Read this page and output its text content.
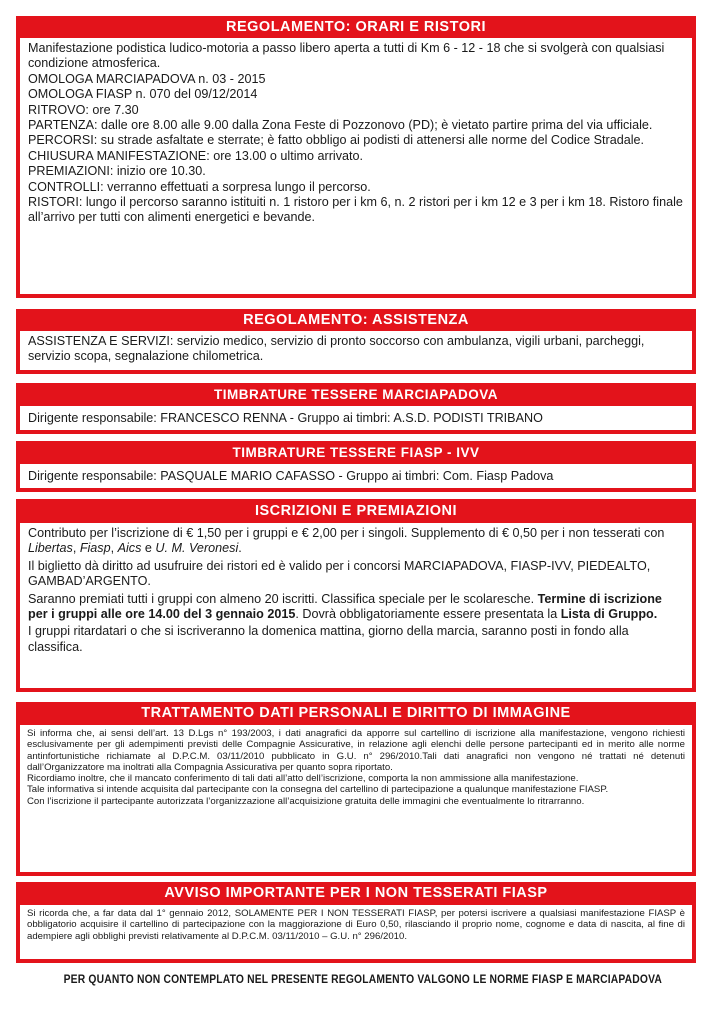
REGOLAMENTO: ORARI E RISTORI

Manifestazione podistica ludico-motoria a passo libero aperta a tutti di Km 6 - 12 - 18 che si svolgerà con qualsiasi condizione atmosferica.

OMOLOGA MARCIAPADOVA n. 03 - 2015

OMOLOGA FIASP n. 070 del 09/12/2014

RITROVO: ore 7.30

PARTENZA: dalle ore 8.00 alle 9.00 dalla Zona Feste di Pozzonovo (PD); è vietato partire prima del via ufficiale.

PERCORSI: su strade asfaltate e sterrate; è fatto obbligo ai podisti di attenersi alle norme del Codice Stradale.

CHIUSURA MANIFESTAZIONE: ore 13.00 o ultimo arrivato.

PREMIAZIONI: inizio ore 10.30.

CONTROLLI: verranno effettuati a sorpresa lungo il percorso.

RISTORI: lungo il percorso saranno istituiti n. 1 ristoro per i km 6, n. 2 ristori per i km 12 e 3 per i km 18. Ristoro finale all’arrivo per tutti con alimenti energetici e bevande.

REGOLAMENTO: ASSISTENZA

ASSISTENZA E SERVIZI: servizio medico, servizio di pronto soccorso con ambulanza, vigili urbani, parcheggi, servizio scopa, segnalazione chilometrica.

TIMBRATURE TESSERE MARCIAPADOVA
Dirigente responsabile: FRANCESCO RENNA - Gruppo ai timbri: A.S.D. PODISTI TRIBANO
TIMBRATURE TESSERE FIASP - IVV
Dirigente responsabile: PASQUALE MARIO CAFASSO - Gruppo ai timbri: Com. Fiasp Padova
ISCRIZIONI E PREMIAZIONI

Contributo per l’iscrizione di € 1,50 per i gruppi e € 2,00 per i singoli. Supplemento di € 0,50 per i non tesserati con Libertas, Fiasp, Aics e U. M. Veronesi.

Il biglietto dà diritto ad usufruire dei ristori ed è valido per i concorsi MARCIAPADOVA, FIASP-IVV, PIEDEALTO, GAMBAD’ARGENTO.

Saranno premiati tutti i gruppi con almeno 20 iscritti. Classifica speciale per le scolaresche. Termine di iscrizione per i gruppi alle ore 14.00 del 3 gennaio 2015. Dovrà obbligatoriamente essere presentata la Lista di Gruppo.

I gruppi ritardatari o che si iscriveranno la domenica mattina, giorno della marcia, saranno posti in fondo alla classifica.

TRATTAMENTO DATI PERSONALI E DIRITTO DI IMMAGINE

Si informa che, ai sensi dell’art. 13 D.Lgs n° 193/2003, i dati anagrafici da apporre sul cartellino di iscrizione alla manifestazione, vengono richiesti esclusivamente per gli adempimenti previsti delle Compagnie Assicurative, in relazione agli elenchi delle persone partecipanti ed in merito alle norme antinfortunistiche richiamate al D.P.C.M. 03/11/2010 pubblicato in G.U. n° 296/2010.Tali dati anagrafici non vengono né trattati né detenuti dall’Organizzatore ma inoltrati alla Compagnia Assicurativa per quanto sopra riportato.

Ricordiamo inoltre, che il mancato conferimento di tali dati all’atto dell’iscrizione, comporta la non ammissione alla manifestazione.

Tale informativa si intende acquisita dal partecipante con la consegna del cartellino di partecipazione a qualunque manifestazione FIASP.

Con l’iscrizione il partecipante autorizzata l’organizzazione all’acquisizione gratuita delle immagini che eventualmente lo ritrarranno.

AVVISO IMPORTANTE PER I NON TESSERATI FIASP

Si ricorda che, a far data dal 1° gennaio 2012, SOLAMENTE PER I NON TESSERATI FIASP, per potersi iscrivere a qualsiasi manifestazione FIASP è obbligatorio acquisire il cartellino di partecipazione con la maggiorazione di Euro 0,50, rilasciando il proprio nome, cognome e data di nascita, al fine di adempiere agli obblighi previsti relativamente al D.P.C.M. 03/11/2010 – G.U. n° 296/2010.

PER QUANTO NON CONTEMPLATO NEL PRESENTE REGOLAMENTO VALGONO LE NORME FIASP E MARCIAPADOVA
